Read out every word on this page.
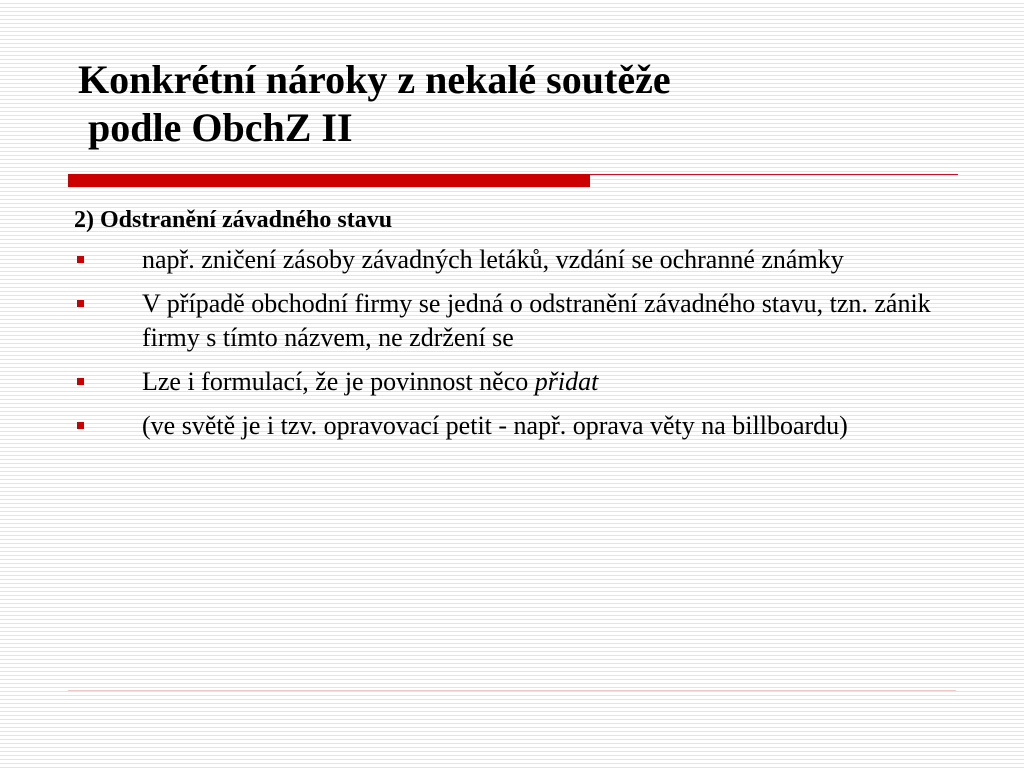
Konkrétní nároky z nekalé soutěže
podle ObchZ II

2) Odstranění závadného stavu

např. zničení zásoby závadných letáků, vzdání se ochranné známky
V případě obchodní firmy se jedná o odstranění závadného stavu, tzn. zánik firmy s tímto názvem, ne zdržení se
Lze i formulací, že je povinnost něco přidat
(ve světě je i tzv. opravovací petit - např. oprava věty na billboardu)
